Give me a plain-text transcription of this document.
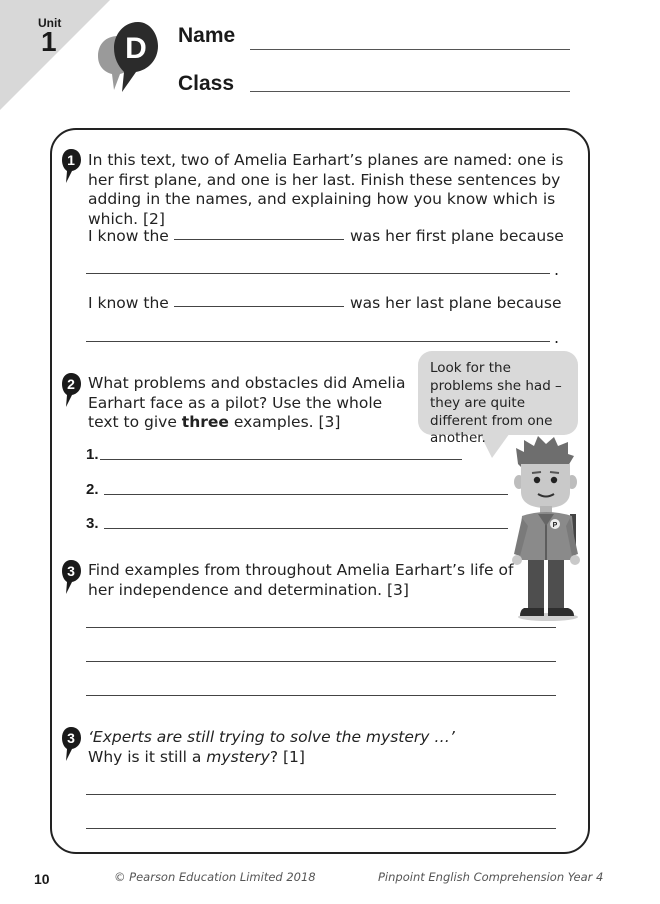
Unit
1 D Name
Class
1 In this text, two of Amelia Earhart’s planes are named: one is her first plane, and one is her last. Finish these sentences by adding in the names, and explaining how you know which is which. [2]
I know the	was her first plane because
.
I know the	was her last plane because
.
2 What problems and obstacles did Amelia Earhart face as a pilot? Use the whole text to give three examples. [3]
1.
2.
3.
Look for the problems she had – they are quite different from one another.
P
3 Find examples from throughout Amelia Earhart’s life of her independence and determination. [3]
3 ‘Experts are still trying to solve the mystery …’
Why is it still a mystery? [1]
10	© Pearson Education Limited 2018	Pinpoint English Comprehension Year 4
